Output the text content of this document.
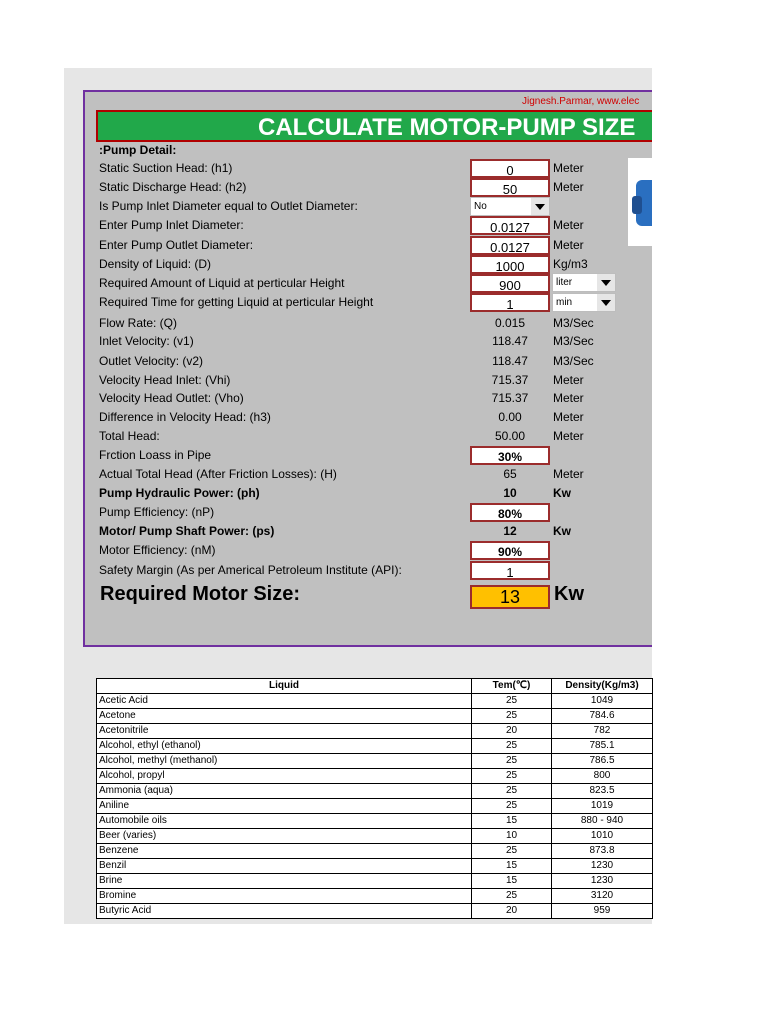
Jignesh.Parmar, www.elec
CALCULATE MOTOR-PUMP SIZE
:Pump Detail:
Static Suction Head: (h1)	0	Meter
Static Discharge Head: (h2)	50	Meter
Is Pump Inlet Diameter equal to Outlet Diameter:	No
Enter Pump Inlet Diameter:	0.0127	Meter
Enter Pump Outlet Diameter:	0.0127	Meter
Density of Liquid: (D)	1000	Kg/m3
Required Amount of Liquid at perticular Height	900	liter
Required Time for getting Liquid at perticular Height	1	min
Flow Rate: (Q)	0.015	M3/Sec
Inlet Velocity: (v1)	118.47	M3/Sec
Outlet Velocity: (v2)	118.47	M3/Sec
Velocity Head Inlet: (Vhi)	715.37	Meter
Velocity Head Outlet: (Vho)	715.37	Meter
Difference in Velocity Head: (h3)	0.00	Meter
Total Head:	50.00	Meter
Frction Loass in Pipe	30%
Actual Total Head (After Friction Losses): (H)	65	Meter
Pump Hydraulic Power: (ph)	10	Kw
Pump Efficiency: (nP)	80%
Motor/ Pump Shaft Power: (ps)	12	Kw
Motor Efficiency: (nM)	90%
Safety Margin (As per Americal Petroleum Institute (API):	1
Required Motor Size:	13	Kw
Liquid	Tem(℃)	Density(Kg/m3)
Acetic Acid	25	1049
Acetone	25	784.6
Acetonitrile	20	782
Alcohol, ethyl (ethanol)	25	785.1
Alcohol, methyl (methanol)	25	786.5
Alcohol, propyl	25	800
Ammonia (aqua)	25	823.5
Aniline	25	1019
Automobile oils	15	880 - 940
Beer (varies)	10	1010
Benzene	25	873.8
Benzil	15	1230
Brine	15	1230
Bromine	25	3120
Butyric Acid	20	959
